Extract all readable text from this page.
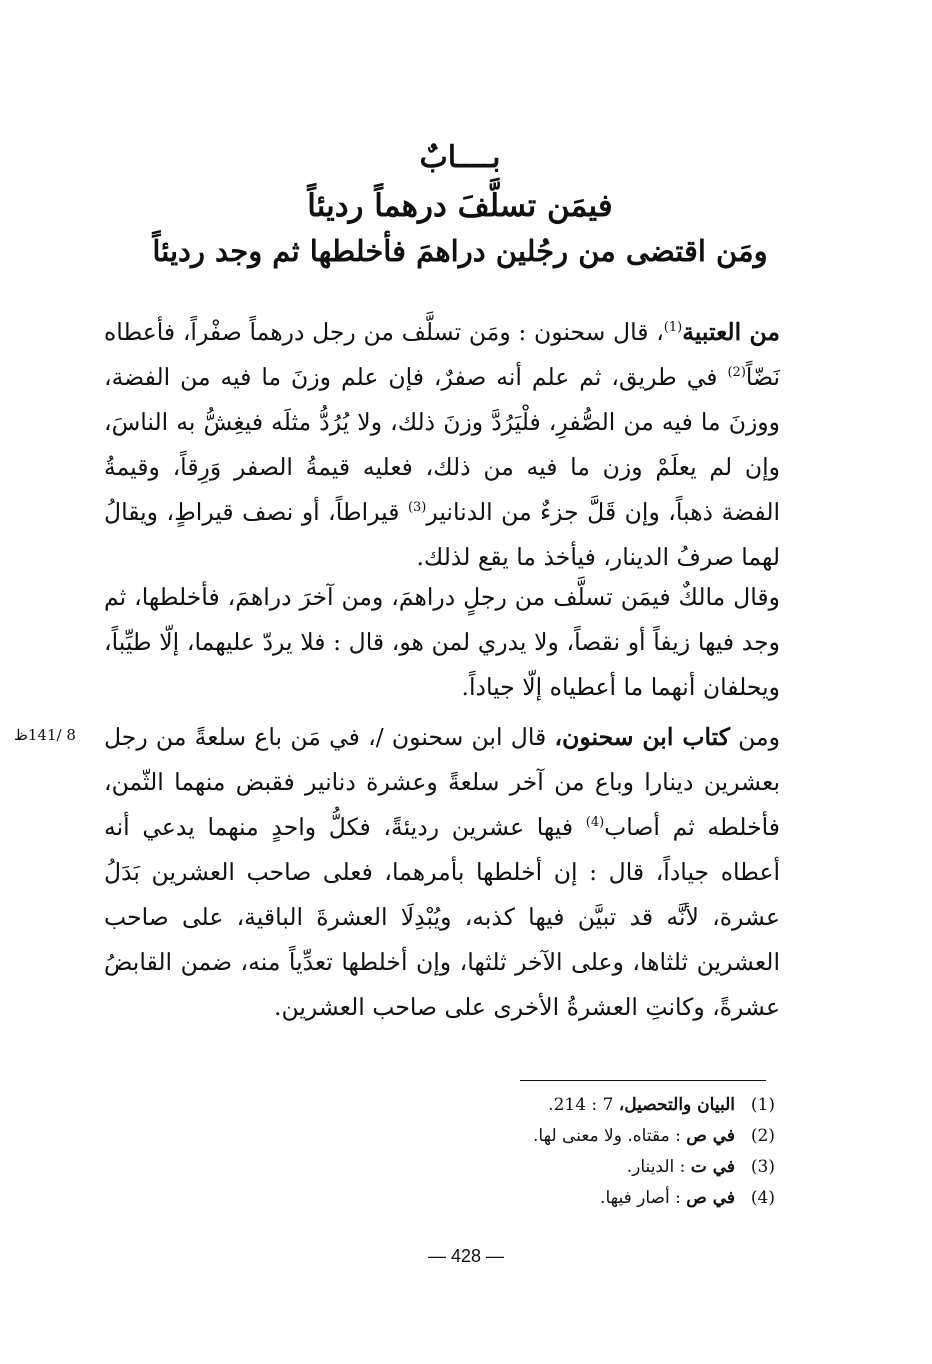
بــــابٌ
فيمَن تسلَّفَ درهماً رديئاً
ومَن اقتضى من رجُلين دراهمَ فأخلطها ثم وجد رديئاً

من العتبية$^{(1)}$، قال سحنون : ومَن تسلَّف من رجل درهماً صفْراً، فأعطاه نَضّاً$^{(2)}$ في طريق، ثم علم أنه صفرٌ، فإن علم وزنَ ما فيه من الفضة، ووزنَ ما فيه من الصُّفرِ، فلْيَرُدَّ وزنَ ذلك، ولا يُرُدُّ مثلَه فيغِشُّ به الناسَ، وإن لم يعلَمْ وزن ما فيه من ذلك، فعليه قيمةُ الصفر وَرِقاً، وقيمةُ الفضة ذهباً، وإن قَلَّ جزءٌ من الدنانير$^{(3)}$ قيراطاً، أو نصف قيراطٍ، ويقالُ لهما صرفُ الدينار، فيأخذ ما يقع لذلك.

وقال مالكٌ فيمَن تسلَّف من رجلٍ دراهمَ، ومن آخرَ دراهمَ، فأخلطها، ثم وجد فيها زيفاً أو نقصاً، ولا يدري لمن هو، قال : فلا يردّ عليهما، إلّا طيِّباً، ويحلفان أنهما ما أعطياه إلّا جياداً.

ومن كتاب ابن سحنون، قال ابن سحنون /، في مَن باع سلعةً من رجل بعشرين دينارا وباع من آخر سلعةً وعشرة دنانير فقبض منهما الثّمن، فأخلطه ثم أصاب$^{(4)}$ فيها عشرين رديئةً، فكلُّ واحدٍ منهما يدعي أنه أعطاه جياداً، قال : إن أخلطها بأمرهما، فعلى صاحب العشرين بَدَلُ عشرة، لأنَّه قد تبيَّن فيها كذبه، ويُبْدِلَا العشرةَ الباقية، على صاحب العشرين ثلثاها، وعلى الآخر ثلثها، وإن أخلطها تعدِّياً منه، ضمن القابضُ عشرةً، وكانتِ العشرةُ الأخرى على صاحب العشرين.

8 /141ظ
(1)البيان والتحصيل، 7 : 214.
(2)في ص : مقتاه. ولا معنى لها.
(3)في ت : الدينار.
(4)في ص : أصار فيها.
— 428 —
